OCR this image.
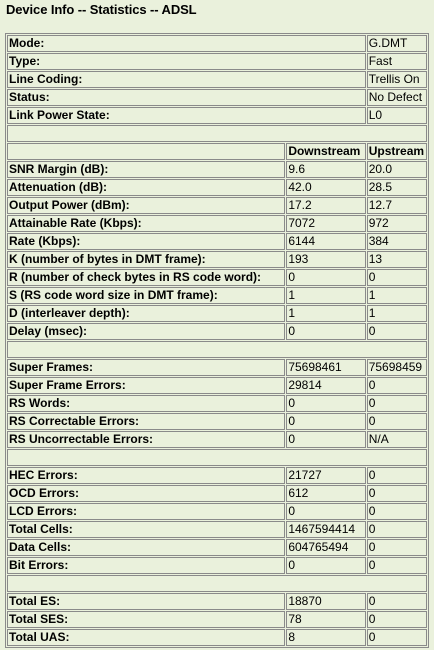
Device Info -- Statistics -- ADSL
Mode:		G.DMT
Type:		Fast
Line Coding:		Trellis On
Status:		No Defect
Link Power State:		L0

	Downstream	Upstream
SNR Margin (dB):	9.6	20.0
Attenuation (dB):	42.0	28.5
Output Power (dBm):	17.2	12.7
Attainable Rate (Kbps):	7072	972
Rate (Kbps):	6144	384
K (number of bytes in DMT frame):	193	13
R (number of check bytes in RS code word):	0	0
S (RS code word size in DMT frame):	1	1
D (interleaver depth):	1	1
Delay (msec):	0	0

Super Frames:	75698461	75698459
Super Frame Errors:	29814	0
RS Words:	0	0
RS Correctable Errors:	0	0
RS Uncorrectable Errors:	0	N/A

HEC Errors:	21727	0
OCD Errors:	612	0
LCD Errors:	0	0
Total Cells:	1467594414	0
Data Cells:	604765494	0
Bit Errors:	0	0

Total ES:	18870	0
Total SES:	78	0
Total UAS:	8	0
